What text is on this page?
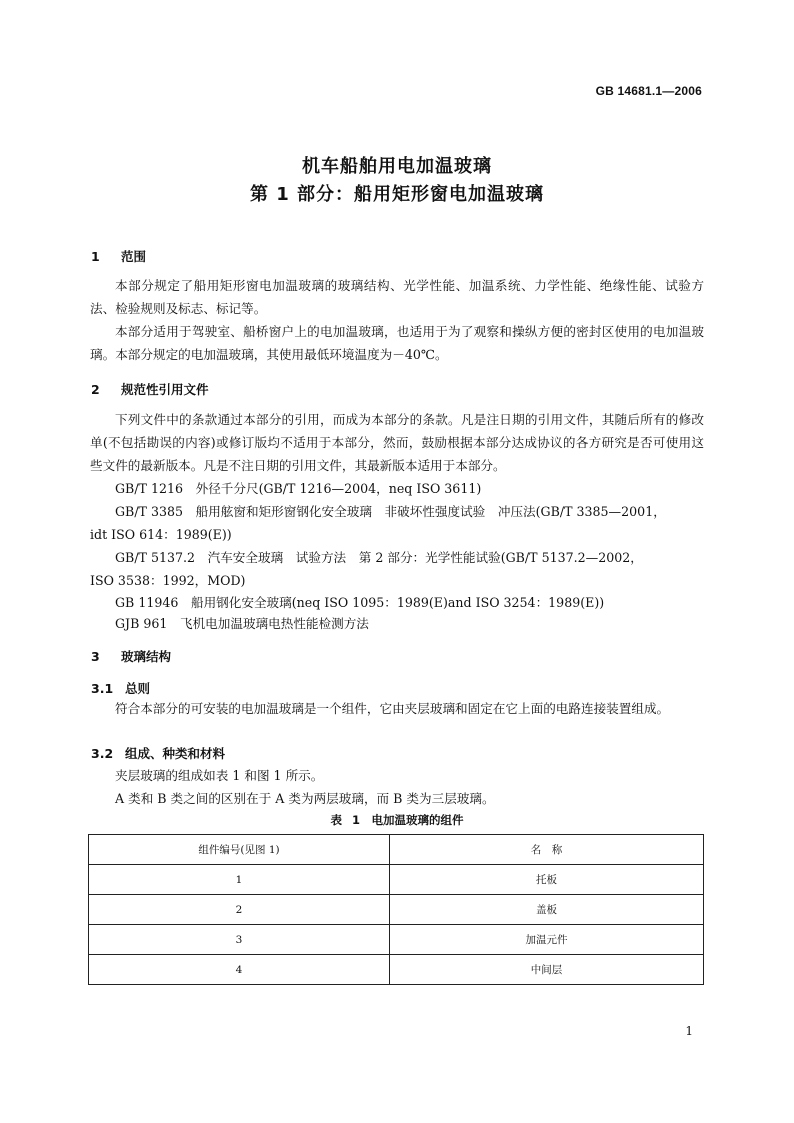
GB 14681.1—2006
机车船舶用电加温玻璃
第 1 部分：船用矩形窗电加温玻璃
1 范围

本部分规定了船用矩形窗电加温玻璃的玻璃结构、光学性能、加温系统、力学性能、绝缘性能、试验方法、检验规则及标志、标记等。

本部分适用于驾驶室、船桥窗户上的电加温玻璃，也适用于为了观察和操纵方便的密封区使用的电加温玻璃。本部分规定的电加温玻璃，其使用最低环境温度为－40℃。

2 规范性引用文件

下列文件中的条款通过本部分的引用，而成为本部分的条款。凡是注日期的引用文件，其随后所有的修改单(不包括勘误的内容)或修订版均不适用于本部分，然而，鼓励根据本部分达成协议的各方研究是否可使用这些文件的最新版本。凡是不注日期的引用文件，其最新版本适用于本部分。

GB/T 1216　外径千分尺(GB/T 1216—2004，neq ISO 3611)

GB/T 3385　船用舷窗和矩形窗钢化安全玻璃　非破坏性强度试验　冲压法(GB/T 3385—2001，

idt ISO 614：1989(E))

GB/T 5137.2　汽车安全玻璃　试验方法　第 2 部分：光学性能试验(GB/T 5137.2—2002，

ISO 3538：1992，MOD)

GB 11946　船用钢化安全玻璃(neq ISO 1095：1989(E)and ISO 3254：1989(E))

GJB 961　飞机电加温玻璃电热性能检测方法

3 玻璃结构
3.1 总则

符合本部分的可安装的电加温玻璃是一个组件，它由夹层玻璃和固定在它上面的电路连接装置组成。

3.2 组成、种类和材料

夹层玻璃的组成如表 1 和图 1 所示。

A 类和 B 类之间的区别在于 A 类为两层玻璃，而 B 类为三层玻璃。

表 1　电加温玻璃的组件
组件编号(见图 1)	名　称
1	托板
2	盖板
3	加温元件
4	中间层
1
